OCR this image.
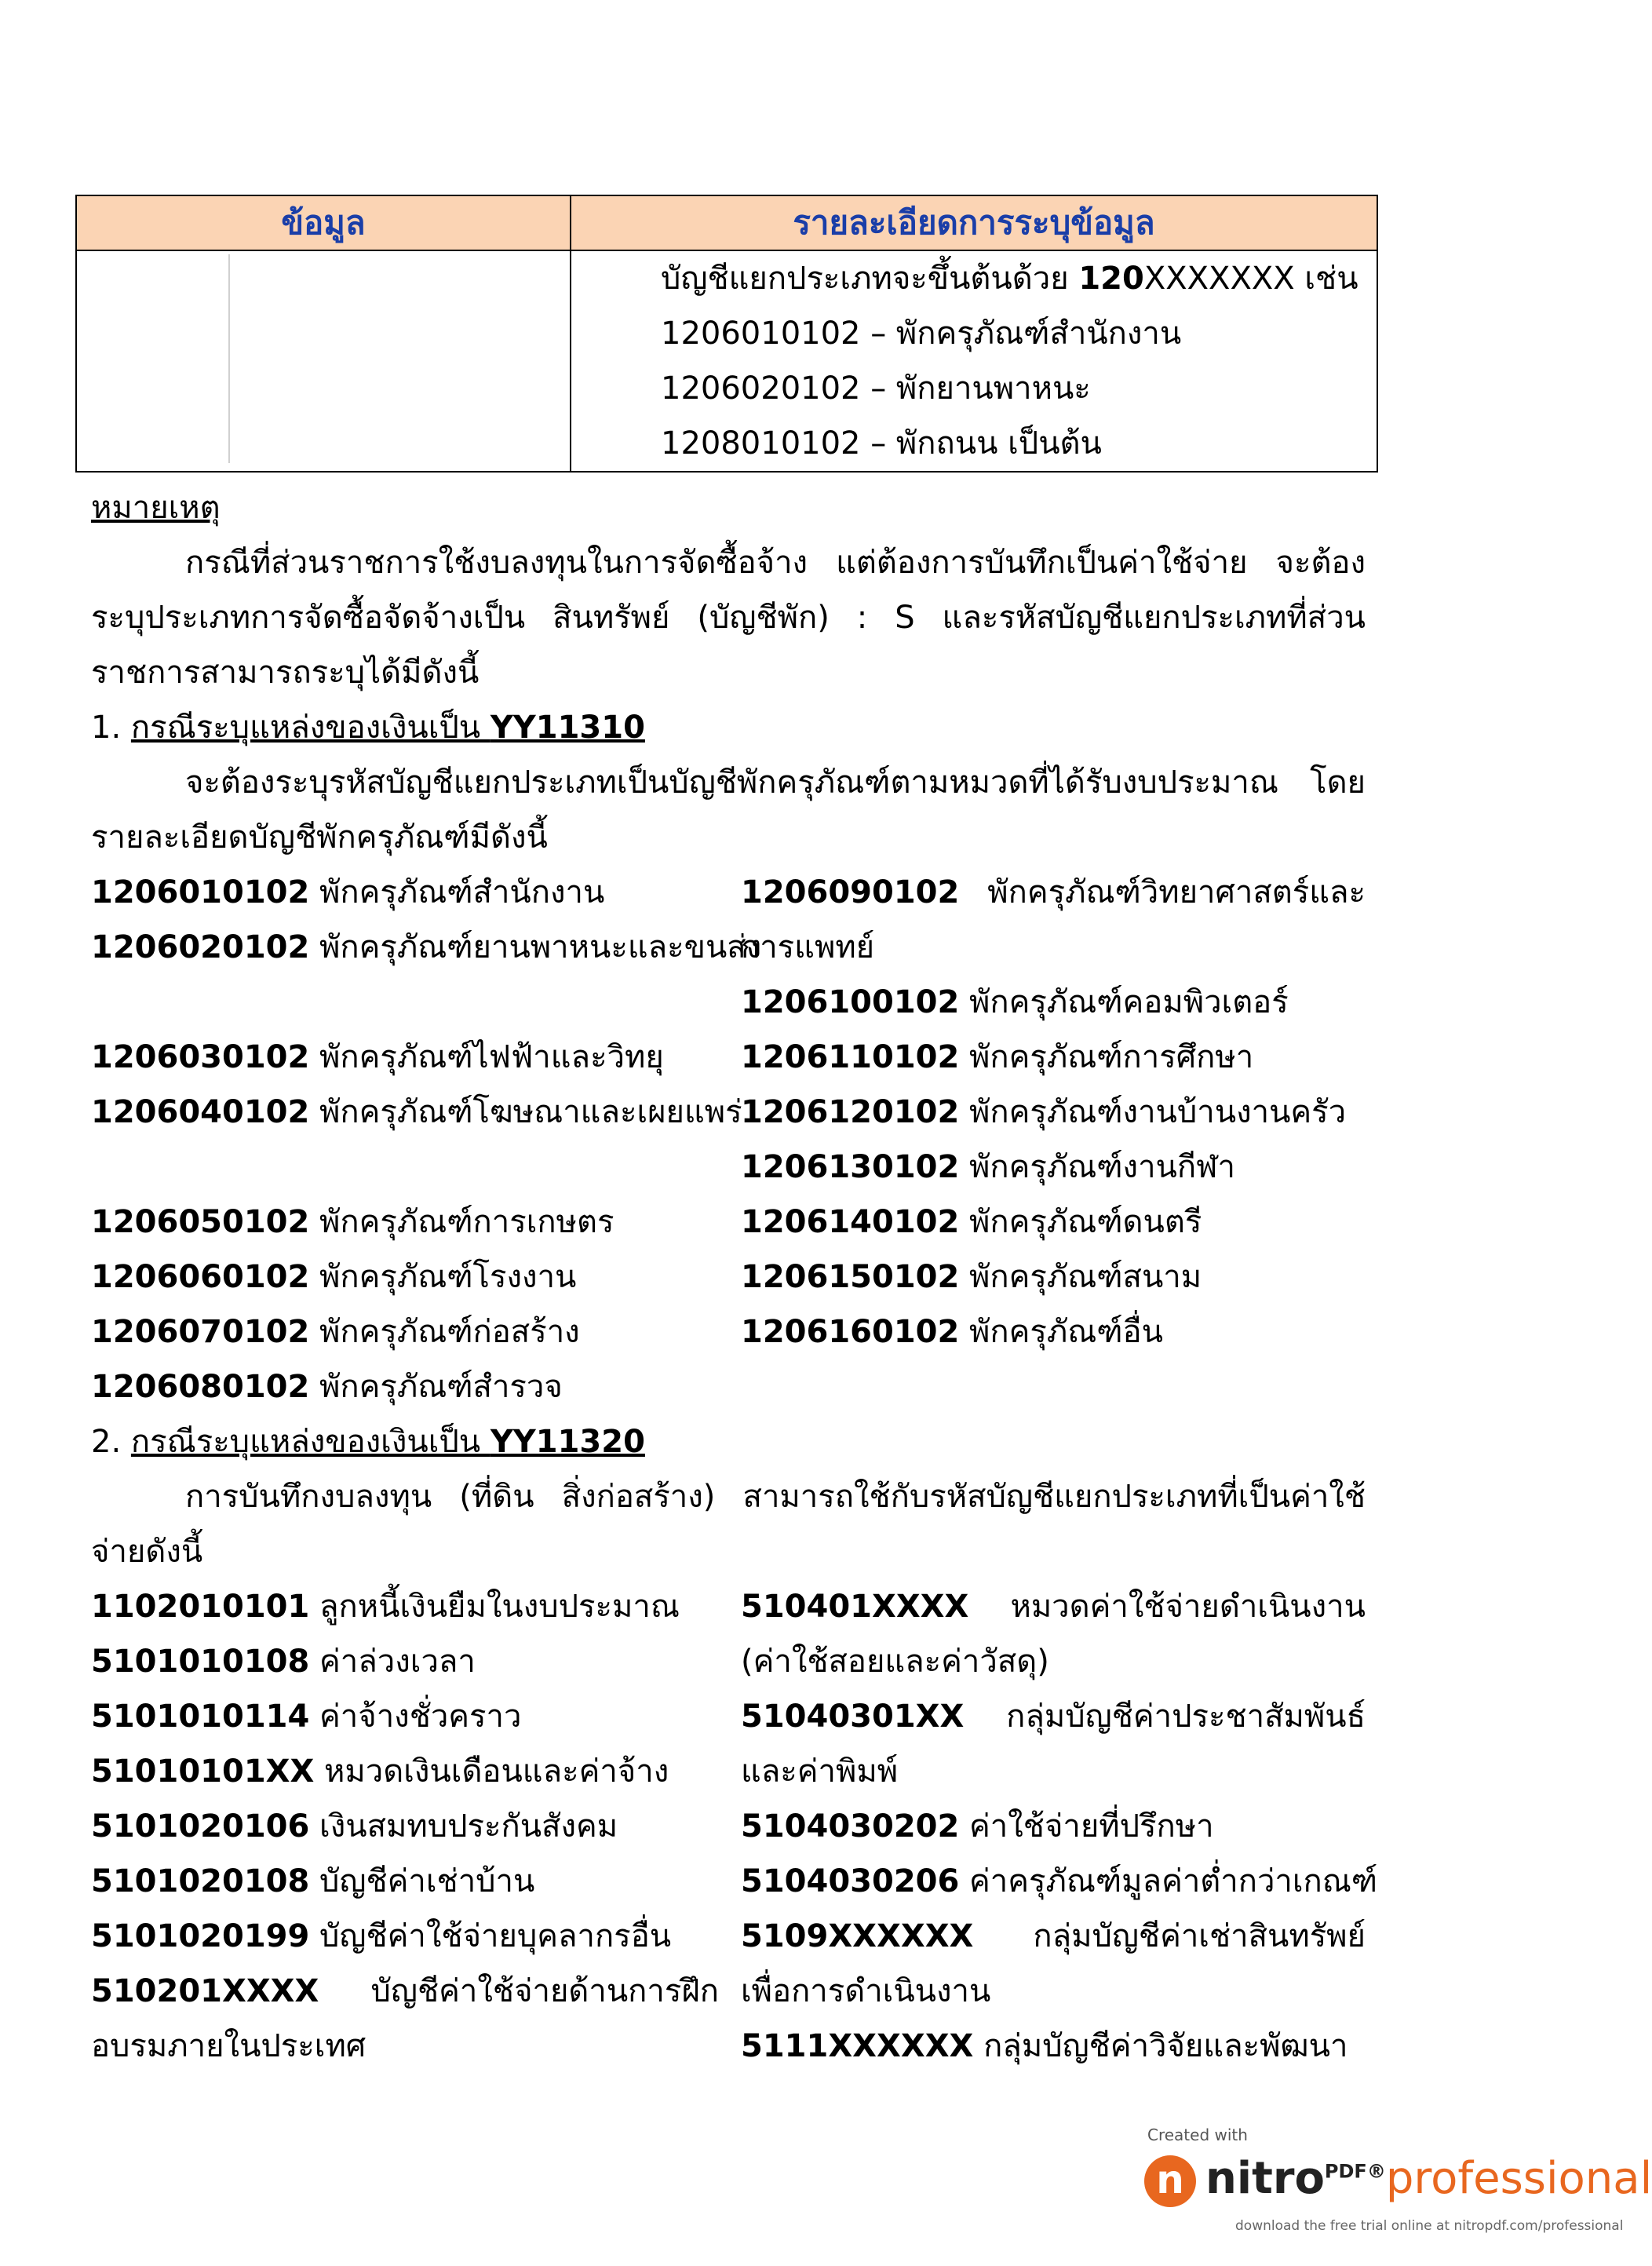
ข้อมูล	รายละเอียดการระบุข้อมูล
บัญชีแยกประเภทจะขึ้นต้นด้วย 120XXXXXXX เช่น
1206010102 – พักครุภัณฑ์สำนักงาน
1206020102 – พักยานพาหนะ
1208010102 – พักถนน เป็นต้น
หมายเหตุ
กรณีที่ส่วนราชการใช้งบลงทุนในการจัดซื้อจ้าง แต่ต้องการบันทึกเป็นค่าใช้จ่าย จะต้องระบุประเภทการจัดซื้อจัดจ้างเป็น สินทรัพย์ (บัญชีพัก) : S และรหัสบัญชีแยกประเภทที่ส่วนราชการสามารถระบุได้มีดังนี้
1. กรณีระบุแหล่งของเงินเป็น YY11310
จะต้องระบุรหัสบัญชีแยกประเภทเป็นบัญชีพักครุภัณฑ์ตามหมวดที่ได้รับงบประมาณ โดยรายละเอียดบัญชีพักครุภัณฑ์มีดังนี้
1206010102 พักครุภัณฑ์สำนักงาน
1206020102 พักครุภัณฑ์ยานพาหนะและขนส่ง
1206030102 พักครุภัณฑ์ไฟฟ้าและวิทยุ
1206040102 พักครุภัณฑ์โฆษณาและเผยแพร่
1206050102 พักครุภัณฑ์การเกษตร
1206060102 พักครุภัณฑ์โรงงาน
1206070102 พักครุภัณฑ์ก่อสร้าง
1206080102 พักครุภัณฑ์สำรวจ
1206090102 พักครุภัณฑ์วิทยาศาสตร์และการแพทย์
1206100102 พักครุภัณฑ์คอมพิวเตอร์
1206110102 พักครุภัณฑ์การศึกษา
1206120102 พักครุภัณฑ์งานบ้านงานครัว
1206130102 พักครุภัณฑ์งานกีฬา
1206140102 พักครุภัณฑ์ดนตรี
1206150102 พักครุภัณฑ์สนาม
1206160102 พักครุภัณฑ์อื่น
2. กรณีระบุแหล่งของเงินเป็น YY11320
การบันทึกงบลงทุน (ที่ดิน สิ่งก่อสร้าง) สามารถใช้กับรหัสบัญชีแยกประเภทที่เป็นค่าใช้จ่ายดังนี้
1102010101 ลูกหนี้เงินยืมในงบประมาณ
5101010108 ค่าล่วงเวลา
5101010114 ค่าจ้างชั่วคราว
51010101XX หมวดเงินเดือนและค่าจ้าง
5101020106 เงินสมทบประกันสังคม
5101020108 บัญชีค่าเช่าบ้าน
5101020199 บัญชีค่าใช้จ่ายบุคลากรอื่น
510201XXXX บัญชีค่าใช้จ่ายด้านการฝึกอบรมภายในประเทศ
510401XXXX หมวดค่าใช้จ่ายดำเนินงาน (ค่าใช้สอยและค่าวัสดุ)
51040301XX กลุ่มบัญชีค่าประชาสัมพันธ์และค่าพิมพ์
5104030202 ค่าใช้จ่ายที่ปรึกษา
5104030206 ค่าครุภัณฑ์มูลค่าต่ำกว่าเกณฑ์
5109XXXXXX กลุ่มบัญชีค่าเช่าสินทรัพย์เพื่อการดำเนินงาน
5111XXXXXX กลุ่มบัญชีค่าวิจัยและพัฒนา
Created with
n nitro$^{PDF®}$professional
download the free trial online at nitropdf.com/professional
